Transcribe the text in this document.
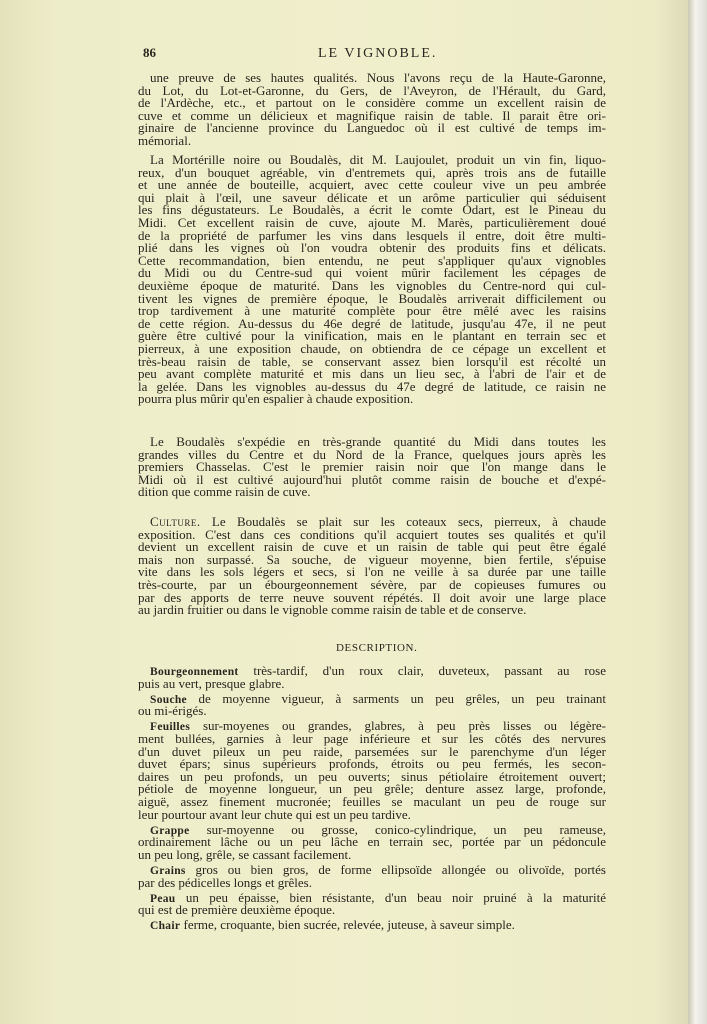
86	LE VIGNOBLE.
une preuve de ses hautes qualités. Nous l'avons reçu de la Haute-Garonne,
du Lot, du Lot-et-Garonne, du Gers, de l'Aveyron, de l'Hérault, du Gard,
de l'Ardèche, etc., et partout on le considère comme un excellent raisin de
cuve et comme un délicieux et magnifique raisin de table. Il parait être ori-
ginaire de l'ancienne province du Languedoc où il est cultivé de temps im-
mémorial.
La Mortérille noire ou Boudalès, dit M. Laujoulet, produit un vin fin, liquo-
reux, d'un bouquet agréable, vin d'entremets qui, après trois ans de futaille
et une année de bouteille, acquiert, avec cette couleur vive un peu ambrée
qui plait à l'œil, une saveur délicate et un arôme particulier qui séduisent
les fins dégustateurs. Le Boudalès, a écrit le comte Odart, est le Pineau du
Midi. Cet excellent raisin de cuve, ajoute M. Marès, particulièrement doué
de la propriété de parfumer les vins dans lesquels il entre, doit être multi-
plié dans les vignes où l'on voudra obtenir des produits fins et délicats.
Cette recommandation, bien entendu, ne peut s'appliquer qu'aux vignobles
du Midi ou du Centre-sud qui voient mûrir facilement les cépages de
deuxième époque de maturité. Dans les vignobles du Centre-nord qui cul-
tivent les vignes de première époque, le Boudalès arriverait difficilement ou
trop tardivement à une maturité complète pour être mêlé avec les raisins
de cette région. Au-dessus du 46e degré de latitude, jusqu'au 47e, il ne peut
guère être cultivé pour la vinification, mais en le plantant en terrain sec et
pierreux, à une exposition chaude, on obtiendra de ce cépage un excellent et
très-beau raisin de table, se conservant assez bien lorsqu'il est récolté un
peu avant complète maturité et mis dans un lieu sec, à l'abri de l'air et de
la gelée. Dans les vignobles au-dessus du 47e degré de latitude, ce raisin ne
pourra plus mûrir qu'en espalier à chaude exposition.
Le Boudalès s'expédie en très-grande quantité du Midi dans toutes les
grandes villes du Centre et du Nord de la France, quelques jours après les
premiers Chasselas. C'est le premier raisin noir que l'on mange dans le
Midi où il est cultivé aujourd'hui plutôt comme raisin de bouche et d'expé-
dition que comme raisin de cuve.
Culture. Le Boudalès se plait sur les coteaux secs, pierreux, à chaude
exposition. C'est dans ces conditions qu'il acquiert toutes ses qualités et qu'il
devient un excellent raisin de cuve et un raisin de table qui peut être égalé
mais non surpassé. Sa souche, de vigueur moyenne, bien fertile, s'épuise
vite dans les sols légers et secs, si l'on ne veille à sa durée par une taille
très-courte, par un ébourgeonnement sévère, par de copieuses fumures ou
par des apports de terre neuve souvent répétés. Il doit avoir une large place
au jardin fruitier ou dans le vignoble comme raisin de table et de conserve.
DESCRIPTION.
Bourgeonnement très-tardif, d'un roux clair, duveteux, passant au rose
puis au vert, presque glabre.
Souche de moyenne vigueur, à sarments un peu grêles, un peu trainant
ou mi-érigés.
Feuilles sur-moyenes ou grandes, glabres, à peu près lisses ou légère-
ment bullées, garnies à leur page inférieure et sur les côtés des nervures
d'un duvet pileux un peu raide, parsemées sur le parenchyme d'un léger
duvet épars; sinus supérieurs profonds, étroits ou peu fermés, les secon-
daires un peu profonds, un peu ouverts; sinus pétiolaire étroitement ouvert;
pétiole de moyenne longueur, un peu grêle; denture assez large, profonde,
aiguë, assez finement mucronée; feuilles se maculant un peu de rouge sur
leur pourtour avant leur chute qui est un peu tardive.
Grappe sur-moyenne ou grosse, conico-cylindrique, un peu rameuse,
ordinairement lâche ou un peu lâche en terrain sec, portée par un pédoncule
un peu long, grêle, se cassant facilement.
Grains gros ou bien gros, de forme ellipsoïde allongée ou olivoïde, portés
par des pédicelles longs et grêles.
Peau un peu épaisse, bien résistante, d'un beau noir pruiné à la maturité
qui est de première deuxième époque.
Chair ferme, croquante, bien sucrée, relevée, juteuse, à saveur simple.
